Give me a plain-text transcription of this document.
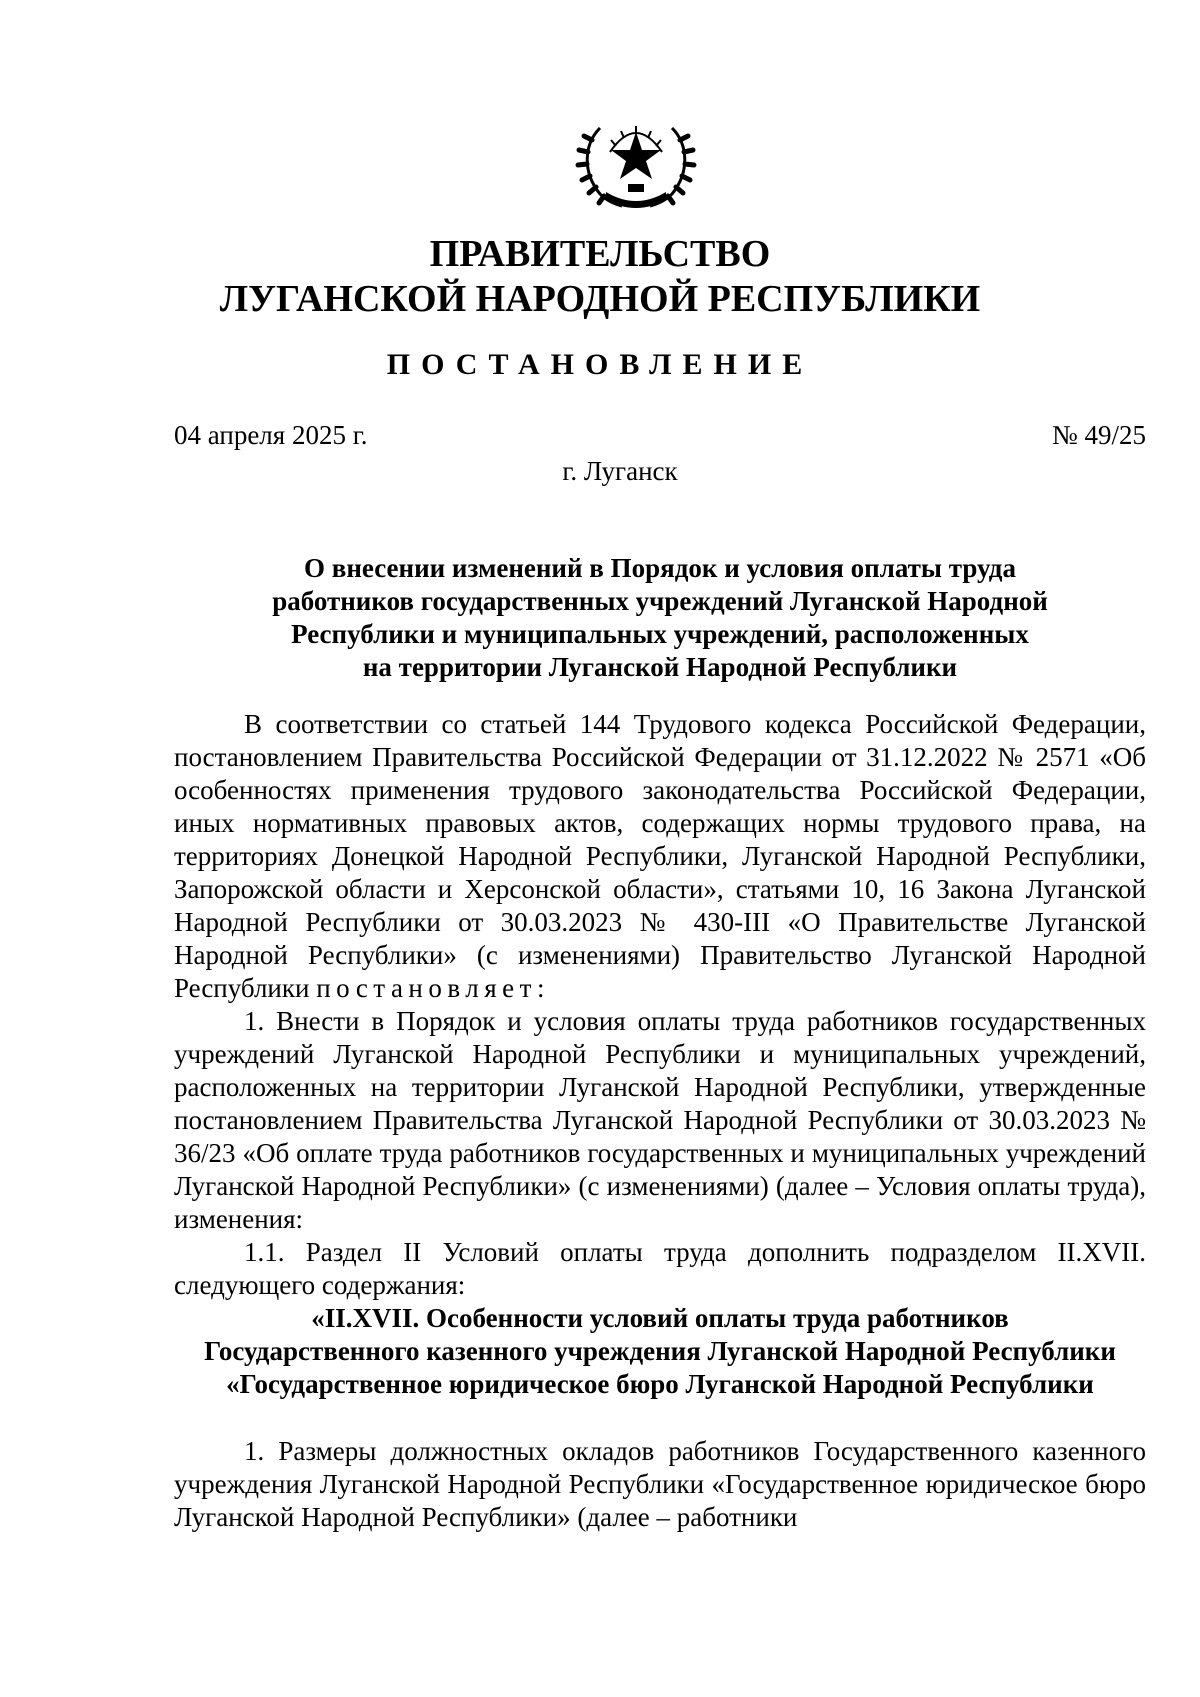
ПРАВИТЕЛЬСТВО
ЛУГАНСКОЙ НАРОДНОЙ РЕСПУБЛИКИ
ПОСТАНОВЛЕНИЕ
04 апреля 2025 г.	№ 49/25
г. Луганск
О внесении изменений в Порядок и условия оплаты труда
работников государственных учреждений Луганской Народной
Республики и муниципальных учреждений, расположенных
на территории Луганской Народной Республики

В соответствии со статьей 144 Трудового кодекса Российской Федерации, постановлением Правительства Российской Федерации от 31.12.2022 № 2571 «Об особенностях применения трудового законодательства Российской Федерации, иных нормативных правовых актов, содержащих нормы трудового права, на территориях Донецкой Народной Республики, Луганской Народной Республики, Запорожской области и Херсонской области», статьями 10, 16 Закона Луганской Народной Республики от 30.03.2023 № 430-III «О Правительстве Луганской Народной Республики» (с изменениями) Правительство Луганской Народной Республики постановляет:

1. Внести в Порядок и условия оплаты труда работников государственных учреждений Луганской Народной Республики и муниципальных учреждений, расположенных на территории Луганской Народной Республики, утвержденные постановлением Правительства Луганской Народной Республики от 30.03.2023 № 36/23 «Об оплате труда работников государственных и муниципальных учреждений Луганской Народной Республики» (с изменениями) (далее – Условия оплаты труда), изменения:

1.1. Раздел II Условий оплаты труда дополнить подразделом II.XVII. следующего содержания:

«II.XVII. Особенности условий оплаты труда работников
Государственного казенного учреждения Луганской Народной Республики
«Государственное юридическое бюро Луганской Народной Республики

1. Размеры должностных окладов работников Государственного казенного учреждения Луганской Народной Республики «Государственное юридическое бюро Луганской Народной Республики» (далее – работники
